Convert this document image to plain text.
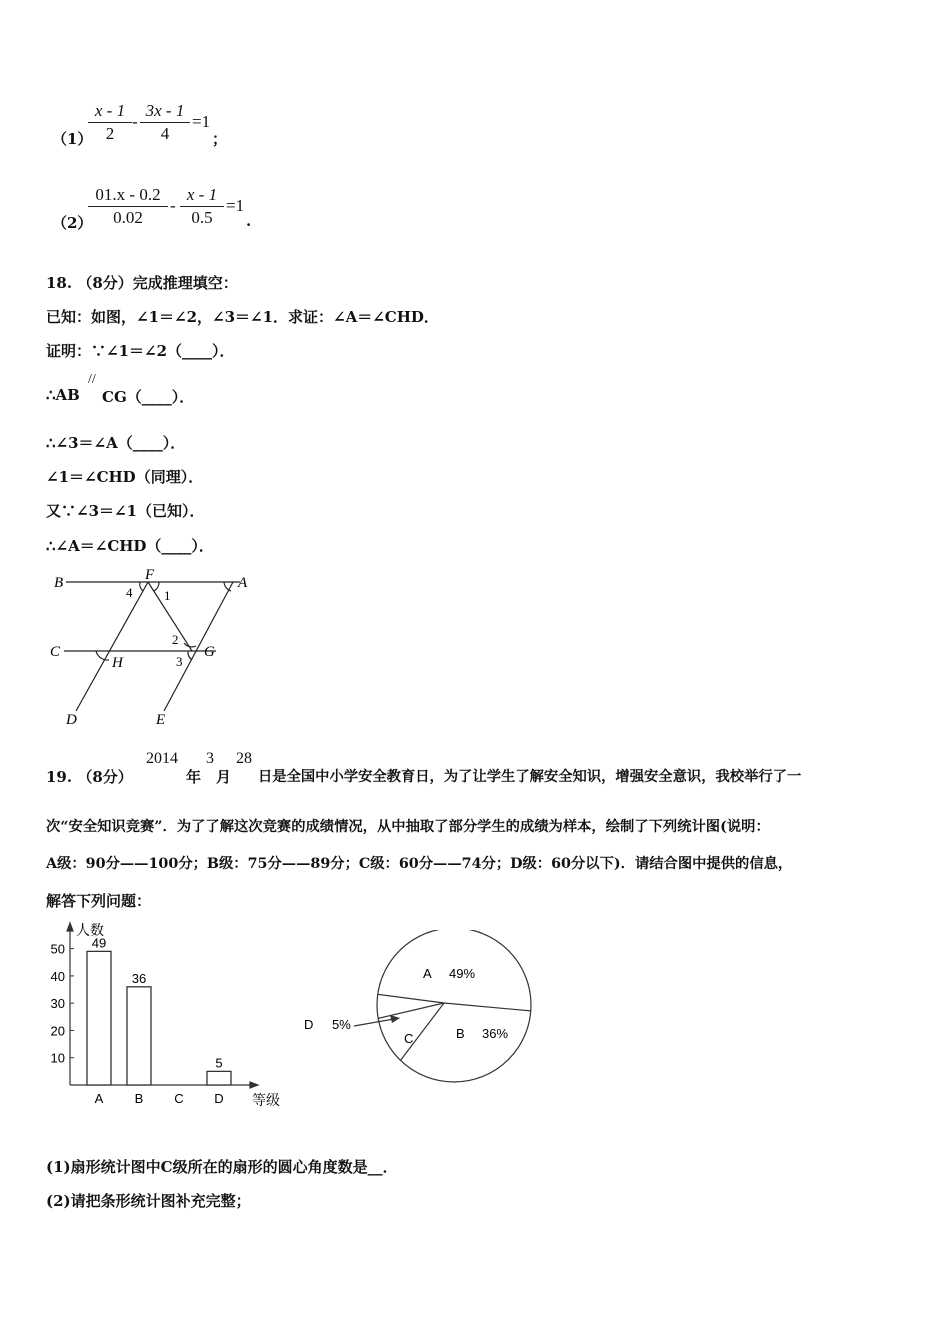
（1）
$\frac{x - 1}{2} - \frac{3x - 1}{4} =1$
；
（2）
$\frac{01.x - 0.2}{0.02} - \frac{x - 1}{0.5} =1$
.
18. （8分）完成推理填空：
已知：如图，∠1＝∠2，∠3＝∠1．求证：∠A＝∠CHD．
证明：∵∠1＝∠2（____）．
∴AB
//
CG（____）．
∴∠3＝∠A（____）．
∠1＝∠CHD（同理）．
又∵∠3＝∠1（已知）．
∴∠A＝∠CHD（____）．
B	F	A
4 1
C
H
2
3
G
D	E
19. （8分）
2014
年
3
月
28
日是全国中小学安全教育日，为了让学生了解安全知识，增强安全意识，我校举行了一
次“安全知识竞赛”．为了了解这次竞赛的成绩情况，从中抽取了部分学生的成绩为样本，绘制了下列统计图(说明：
A级：90分——100分；B级：75分——89分；C级：60分——74分；D级：60分以下)．请结合图中提供的信息，
解答下列问题：
人数
等级
10
20
30
40
50 49
A
36
B C
5
D
A 49%
B 36%
C
D 5%
(1)扇形统计图中C级所在的扇形的圆心角度数是__．
(2)请把条形统计图补充完整；
